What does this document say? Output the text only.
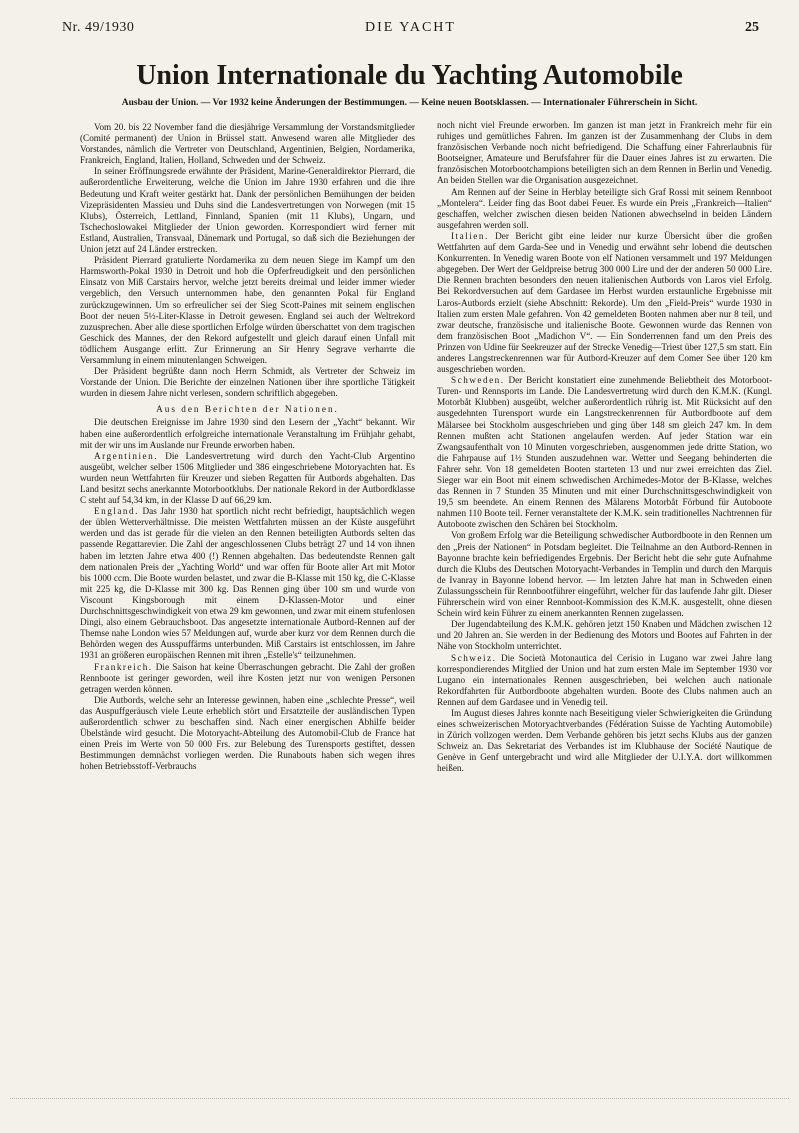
Nr. 49/1930	DIE YACHT	25
Union Internationale du Yachting Automobile
Ausbau der Union. — Vor 1932 keine Änderungen der Bestimmungen. — Keine neuen Bootsklassen. — Internationaler Führerschein in Sicht.

Vom 20. bis 22 November fand die diesjährige Versammlung der Vorstandsmitglieder (Comité permanent) der Union in Brüssel statt. Anwesend waren alle Mitglieder des Vorstandes, nämlich die Vertreter von Deutschland, Argentinien, Belgien, Nordamerika, Frankreich, England, Italien, Holland, Schweden und der Schweiz.

In seiner Eröffnungsrede erwähnte der Präsident, Marine-Generaldirektor Pierrard, die außerordentliche Erweiterung, welche die Union im Jahre 1930 erfahren und die ihre Bedeutung und Kraft weiter gestärkt hat. Dank der persönlichen Bemühungen der beiden Vizepräsidenten Massieu und Duhs sind die Landesvertretungen von Norwegen (mit 15 Klubs), Österreich, Lettland, Finnland, Spanien (mit 11 Klubs), Ungarn, und Tschechoslowakei Mitglieder der Union geworden. Korrespondiert wird ferner mit Estland, Australien, Transvaal, Dänemark und Portugal, so daß sich die Beziehungen der Union jetzt auf 24 Länder erstrecken.

Präsident Pierrard gratulierte Nordamerika zu dem neuen Siege im Kampf um den Harmsworth-Pokal 1930 in Detroit und hob die Opferfreudigkeit und den persönlichen Einsatz von Miß Carstairs hervor, welche jetzt bereits dreimal und leider immer wieder vergeblich, den Versuch unternommen habe, den genannten Pokal für England zurückzugewinnen. Um so erfreulicher sei der Sieg Scott-Paines mit seinem englischen Boot der neuen 5½-Liter-Klasse in Detroit gewesen. England sei auch der Weltrekord zuzusprechen. Aber alle diese sportlichen Erfolge würden überschattet von dem tragischen Geschick des Mannes, der den Rekord aufgestellt und gleich darauf einen Unfall mit tödlichem Ausgange erlitt. Zur Erinnerung an Sir Henry Segrave verharrte die Versammlung in einem minutenlangen Schweigen.

Der Präsident begrüßte dann noch Herrn Schmidt, als Vertreter der Schweiz im Vorstande der Union. Die Berichte der einzelnen Nationen über ihre sportliche Tätigkeit wurden in diesem Jahre nicht verlesen, sondern schriftlich abgegeben.

Aus den Berichten der Nationen.

Die deutschen Ereignisse im Jahre 1930 sind den Lesern der „Yacht“ bekannt. Wir haben eine außerordentlich erfolgreiche internationale Veranstaltung im Frühjahr gehabt, mit der wir uns im Auslande nur Freunde erworben haben.

Argentinien. Die Landesvertretung wird durch den Yacht-Club Argentino ausgeübt, welcher selber 1506 Mitglieder und 386 eingeschriebene Motoryachten hat. Es wurden neun Wettfahrten für Kreuzer und sieben Regatten für Autbords abgehalten. Das Land besitzt sechs anerkannte Motorbootklubs. Der nationale Rekord in der Autbordklasse C steht auf 54,34 km, in der Klasse D auf 66,29 km.

England. Das Jahr 1930 hat sportlich nicht recht befriedigt, hauptsächlich wegen der üblen Wetterverhältnisse. Die meisten Wettfahrten müssen an der Küste ausgeführt werden und das ist gerade für die vielen an den Rennen beteiligten Autbords selten das passende Regattarevier. Die Zahl der angeschlossenen Clubs beträgt 27 und 14 von ihnen haben im letzten Jahre etwa 400 (!) Rennen abgehalten. Das bedeutendste Rennen galt dem nationalen Preis der „Yachting World“ und war offen für Boote aller Art mit Motor bis 1000 ccm. Die Boote wurden belastet, und zwar die B-Klasse mit 150 kg, die C-Klasse mit 225 kg, die D-Klasse mit 300 kg. Das Rennen ging über 100 sm und wurde von Viscount Kingsborough mit einem D-Klassen-Motor und einer Durchschnittsgeschwindigkeit von etwa 29 km gewonnen, und zwar mit einem stufenlosen Dingi, also einem Gebrauchsboot. Das angesetzte internationale Autbord-Rennen auf der Themse nahe London wies 57 Meldungen auf, wurde aber kurz vor dem Rennen durch die Behörden wegen des Ausspuffärms unterbunden. Miß Carstairs ist entschlossen, im Jahre 1931 an größeren europäischen Rennen mit ihren „Estelle's“ teilzunehmen.

Frankreich. Die Saison hat keine Überraschungen gebracht. Die Zahl der großen Rennboote ist geringer geworden, weil ihre Kosten jetzt nur von wenigen Personen getragen werden können.

Die Autbords, welche sehr an Interesse gewinnen, haben eine „schlechte Presse“, weil das Auspuffgeräusch viele Leute erheblich stört und Ersatzteile der ausländischen Typen außerordentlich schwer zu beschaffen sind. Nach einer energischen Abhilfe beider Übelstände wird gesucht. Die Motoryacht-Abteilung des Automobil-Club de France hat einen Preis im Werte von 50 000 Frs. zur Belebung des Turensports gestiftet, dessen Bestimmungen demnächst vorliegen werden. Die Runabouts haben sich wegen ihres hohen Betriebsstoff-Verbrauchs

noch nicht viel Freunde erworben. Im ganzen ist man jetzt in Frankreich mehr für ein ruhiges und gemütliches Fahren. Im ganzen ist der Zusammenhang der Clubs in dem französischen Verbande noch nicht befriedigend. Die Schaffung einer Fahrerlaubnis für Bootseigner, Amateure und Berufsfahrer für die Dauer eines Jahres ist zu erwarten. Die französischen Motorbootchampions beteiligten sich an dem Rennen in Berlin und Venedig. An beiden Stellen war die Organisation ausgezeichnet.

Am Rennen auf der Seine in Herblay beteiligte sich Graf Rossi mit seinem Rennboot „Montelera“. Leider fing das Boot dabei Feuer. Es wurde ein Preis „Frankreich—Italien“ geschaffen, welcher zwischen diesen beiden Nationen abwechselnd in beiden Ländern ausgefahren werden soll.

Italien. Der Bericht gibt eine leider nur kurze Übersicht über die großen Wettfahrten auf dem Garda-See und in Venedig und erwähnt sehr lobend die deutschen Konkurrenten. In Venedig waren Boote von elf Nationen versammelt und 197 Meldungen abgegeben. Der Wert der Geldpreise betrug 300 000 Lire und der der anderen 50 000 Lire. Die Rennen brachten besonders den neuen italienischen Autbords von Laros viel Erfolg. Bei Rekordversuchen auf dem Gardasee im Herbst wurden erstaunliche Ergebnisse mit Laros-Autbords erzielt (siehe Abschnitt: Rekorde). Um den „Field-Preis“ wurde 1930 in Italien zum ersten Male gefahren. Von 42 gemeldeten Booten nahmen aber nur 8 teil, und zwar deutsche, französische und italienische Boote. Gewonnen wurde das Rennen von dem französischen Boot „Madichon V“. — Ein Sonderrennen fand um den Preis des Prinzen von Udine für Seekreuzer auf der Strecke Venedig—Triest über 127,5 sm statt. Ein anderes Langstreckenrennen war für Autbord-Kreuzer auf dem Comer See über 120 km ausgeschrieben worden.

Schweden. Der Bericht konstatiert eine zunehmende Beliebtheit des Motorboot-Turen- und Rennsports im Lande. Die Landesvertretung wird durch den K.M.K. (Kungl. Motorbåt Klubben) ausgeübt, welcher außerordentlich rührig ist. Mit Rücksicht auf den ausgedehnten Turensport wurde ein Langstreckenrennen für Autbordboote auf dem Mälarsee bei Stockholm ausgeschrieben und ging über 148 sm gleich 247 km. In dem Rennen mußten acht Stationen angelaufen werden. Auf jeder Station war ein Zwangsaufenthalt von 10 Minuten vorgeschrieben, ausgenommen jede dritte Station, wo die Fahrpause auf 1½ Stunden auszudehnen war. Wetter und Seegang behinderten die Fahrer sehr. Von 18 gemeldeten Booten starteten 13 und nur zwei erreichten das Ziel. Sieger war ein Boot mit einem schwedischen Archimedes-Motor der B-Klasse, welches das Rennen in 7 Stunden 35 Minuten und mit einer Durchschnittsgeschwindigkeit von 19,5 sm beendete. An einem Rennen des Mälarens Motorbåt Förbund für Autoboote nahmen 110 Boote teil. Ferner veranstaltete der K.M.K. sein traditionelles Nachtrennen für Autoboote zwischen den Schären bei Stockholm.

Von großem Erfolg war die Beteiligung schwedischer Autbordboote in den Rennen um den „Preis der Nationen“ in Potsdam begleitet. Die Teilnahme an den Autbord-Rennen in Bayonne brachte kein befriedigendes Ergebnis. Der Bericht hebt die sehr gute Aufnahme durch die Klubs des Deutschen Motoryacht-Verbandes in Templin und durch den Marquis de Ivanray in Bayonne lobend hervor. — Im letzten Jahre hat man in Schweden einen Zulassungsschein für Rennbootführer eingeführt, welcher für das laufende Jahr gilt. Dieser Führerschein wird von einer Rennboot-Kommission des K.M.K. ausgestellt, ohne diesen Schein wird kein Führer zu einem anerkannten Rennen zugelassen.

Der Jugendabteilung des K.M.K. gehören jetzt 150 Knaben und Mädchen zwischen 12 und 20 Jahren an. Sie werden in der Bedienung des Motors und Bootes auf Fahrten in der Nähe von Stockholm unterrichtet.

Schweiz. Die Società Motonautica del Cerisio in Lugano war zwei Jahre lang korrespondierendes Mitglied der Union und hat zum ersten Male im September 1930 vor Lugano ein internationales Rennen ausgeschrieben, bei welchen auch nationale Rekordfahrten für Autbordboote abgehalten wurden. Boote des Clubs nahmen auch an Rennen auf dem Gardasee und in Venedig teil.

Im August dieses Jahres konnte nach Beseitigung vieler Schwierigkeiten die Gründung eines schweizerischen Motoryachtverbandes (Fédération Suisse de Yachting Automobile) in Zürich vollzogen werden. Dem Verbande gehören bis jetzt sechs Klubs aus der ganzen Schweiz an. Das Sekretariat des Verbandes ist im Klubhause der Société Nautique de Genève in Genf untergebracht und wird alle Mitglieder der U.I.Y.A. dort willkommen heißen.
